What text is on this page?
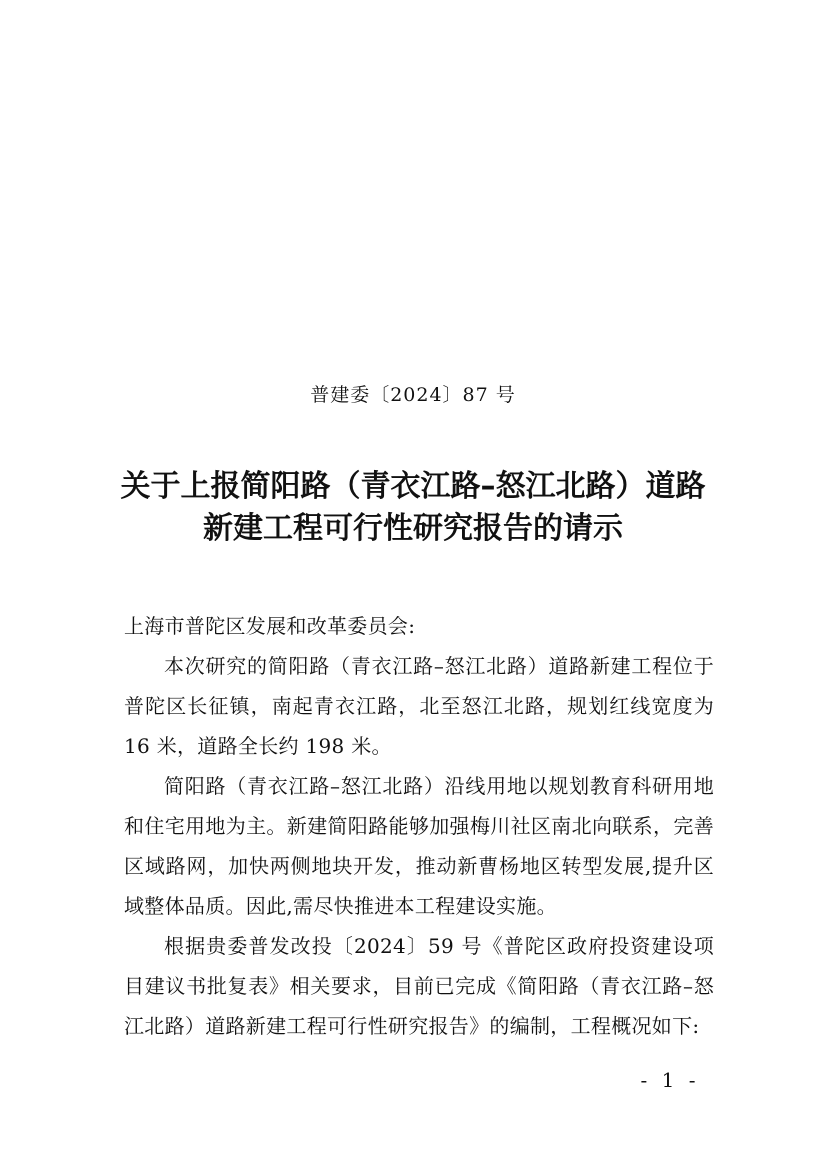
普建委〔2024〕87 号
关于上报简阳路（青衣江路–怒江北路）道路
新建工程可行性研究报告的请示

上海市普陀区发展和改革委员会:

本次研究的简阳路（青衣江路–怒江北路）道路新建工程位于普陀区长征镇，南起青衣江路，北至怒江北路，规划红线宽度为 16 米，道路全长约 198 米。

简阳路（青衣江路–怒江北路）沿线用地以规划教育科研用地和住宅用地为主。新建简阳路能够加强梅川社区南北向联系，完善区域路网，加快两侧地块开发，推动新曹杨地区转型发展,提升区域整体品质。因此,需尽快推进本工程建设实施。

根据贵委普发改投〔2024〕59 号《普陀区政府投资建设项目建议书批复表》相关要求，目前已完成《简阳路（青衣江路–怒江北路）道路新建工程可行性研究报告》的编制，工程概况如下:

- 1 -
